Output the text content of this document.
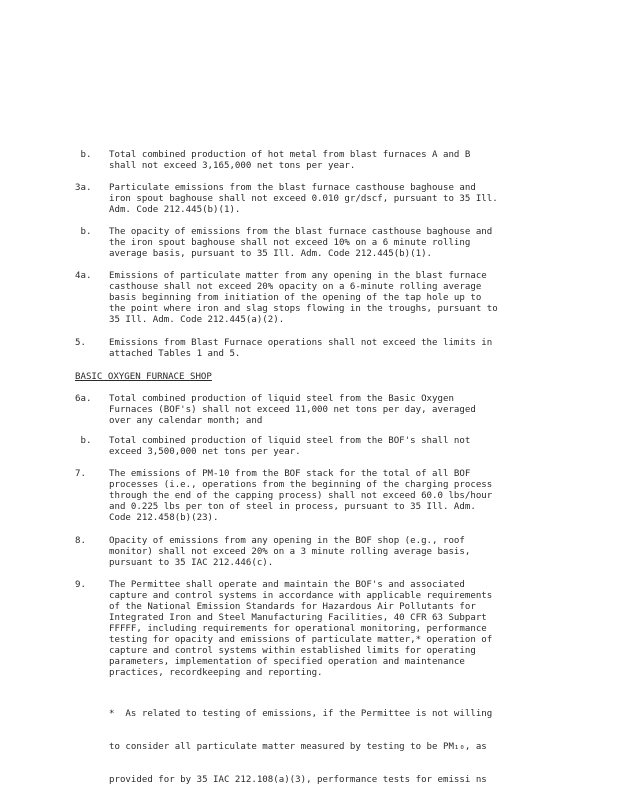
b.	Total combined production of hot metal from blast furnaces A and B
shall not exceed 3,165,000 net tons per year.
3a.	Particulate emissions from the blast furnace casthouse baghouse and
iron spout baghouse shall not exceed 0.010 gr/dscf, pursuant to 35 Ill.
Adm. Code 212.445(b)(1).
b.	The opacity of emissions from the blast furnace casthouse baghouse and
the iron spout baghouse shall not exceed 10% on a 6 minute rolling
average basis, pursuant to 35 Ill. Adm. Code 212.445(b)(1).
4a.	Emissions of particulate matter from any opening in the blast furnace
casthouse shall not exceed 20% opacity on a 6-minute rolling average
basis beginning from initiation of the opening of the tap hole up to
the point where iron and slag stops flowing in the troughs, pursuant to
35 Ill. Adm. Code 212.445(a)(2).
5.	Emissions from Blast Furnace operations shall not exceed the limits in
attached Tables 1 and 5.
BASIC OXYGEN FURNACE SHOP
6a.	Total combined production of liquid steel from the Basic Oxygen
Furnaces (BOF's) shall not exceed 11,000 net tons per day, averaged
over any calendar month; and
b.	Total combined production of liquid steel from the BOF's shall not
exceed 3,500,000 net tons per year.
7.	The emissions of PM-10 from the BOF stack for the total of all BOF
processes (i.e., operations from the beginning of the charging process
through the end of the capping process) shall not exceed 60.0 lbs/hour
and 0.225 lbs per ton of steel in process, pursuant to 35 Ill. Adm.
Code 212.458(b)(23).
8.	Opacity of emissions from any opening in the BOF shop (e.g., roof
monitor) shall not exceed 20% on a 3 minute rolling average basis,
pursuant to 35 IAC 212.446(c).
9.	The Permittee shall operate and maintain the BOF's and associated
capture and control systems in accordance with applicable requirements
of the National Emission Standards for Hazardous Air Pollutants for
Integrated Iron and Steel Manufacturing Facilities, 40 CFR 63 Subpart
FFFFF, including requirements for operational monitoring, performance
testing for opacity and emissions of particulate matter,* operation of
capture and control systems within established limits for operating
parameters, implementation of specified operation and maintenance
practices, recordkeeping and reporting.

*  As related to testing of emissions, if the Permittee is not willing

to consider all particulate matter measured by testing to be PM₁₀, as

provided for by 35 IAC 212.108(a)(3), performance tests for emissi ns
